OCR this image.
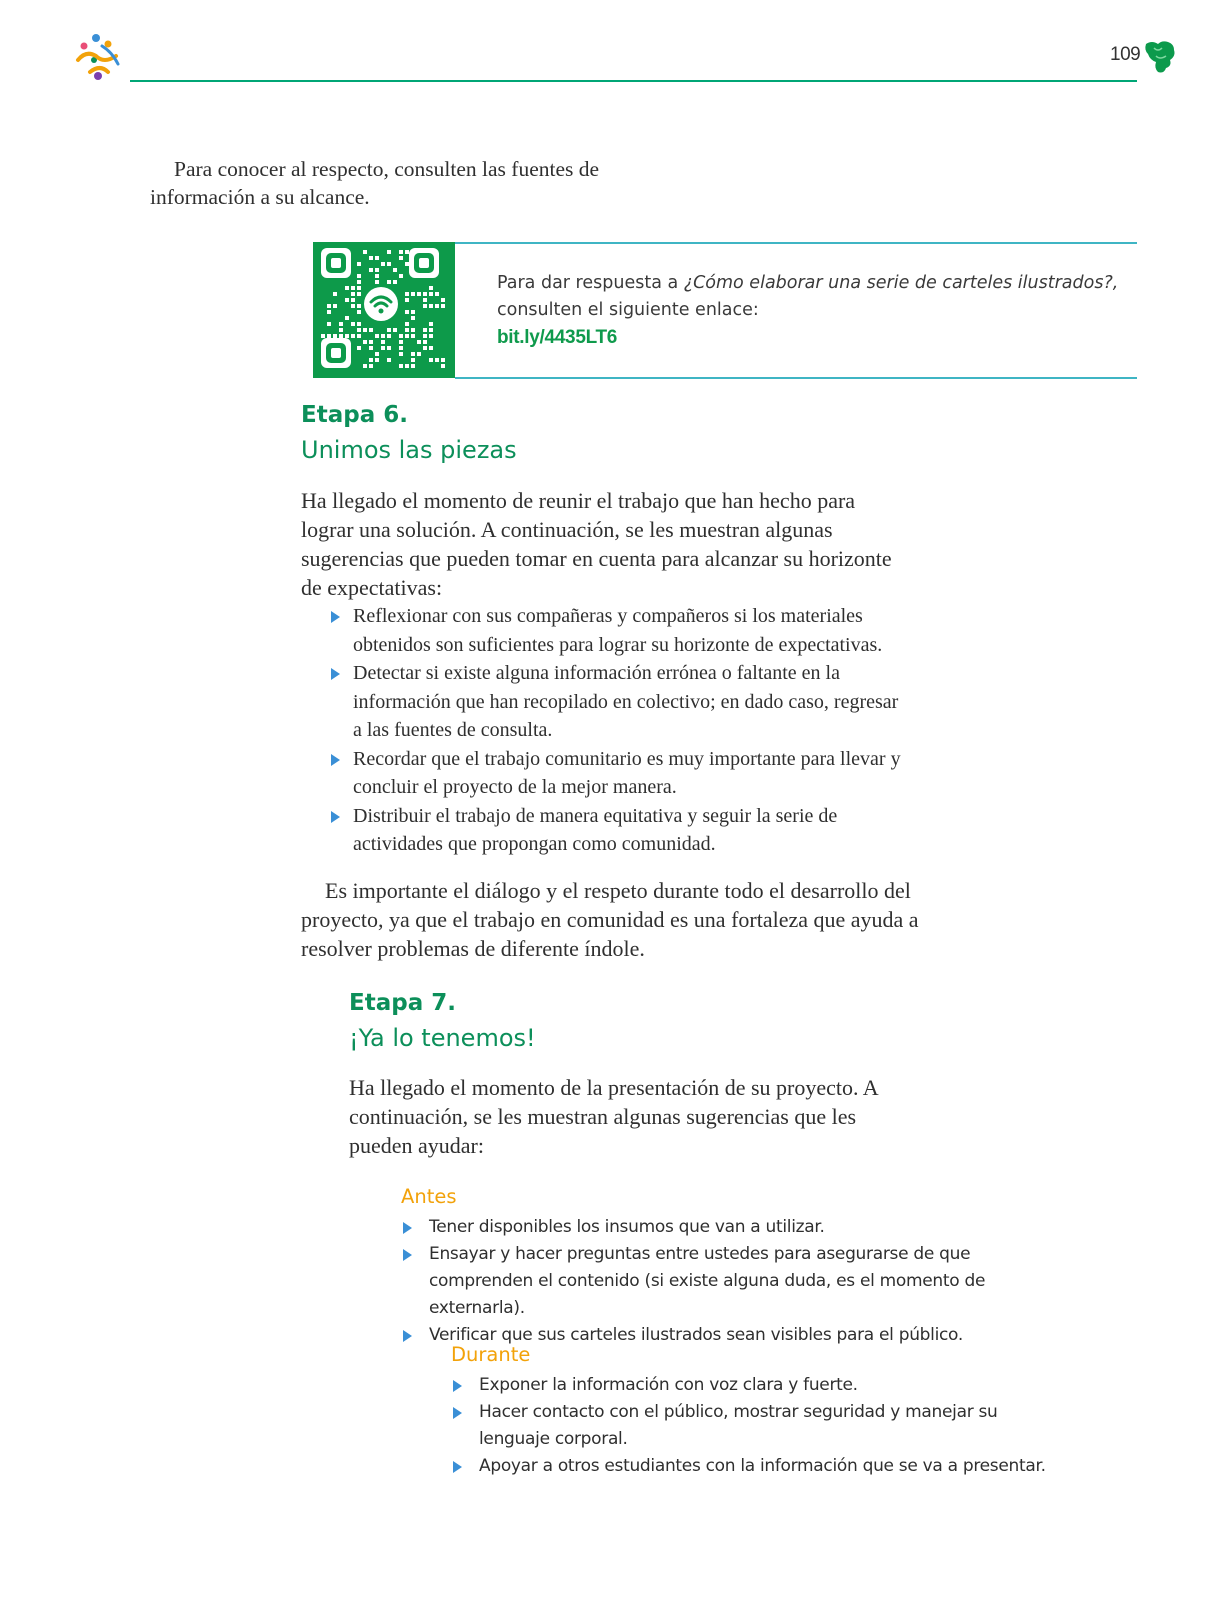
109

Para conocer al respecto, consulten las fuentes de información a su alcance.

Para dar respuesta a ¿Cómo elaborar una serie de carteles ilustrados?, consulten el siguiente enlace:
bit.ly/4435LT6
Etapa 6.
Unimos las piezas

Ha llegado el momento de reunir el trabajo que han hecho para lograr una solución. A continuación, se les muestran algunas sugerencias que pueden tomar en cuenta para alcanzar su horizonte de expectativas:

Reflexionar con sus compañeras y compañeros si los materiales obtenidos son suficientes para lograr su horizonte de expectativas.
Detectar si existe alguna información errónea o faltante en la información que han recopilado en colectivo; en dado caso, regresar a las fuentes de consulta.
Recordar que el trabajo comunitario es muy importante para llevar y concluir el proyecto de la mejor manera.
Distribuir el trabajo de manera equitativa y seguir la serie de actividades que propongan como comunidad.

Es importante el diálogo y el respeto durante todo el desarrollo del proyecto, ya que el trabajo en comunidad es una fortaleza que ayuda a resolver problemas de diferente índole.

Etapa 7.
¡Ya lo tenemos!

Ha llegado el momento de la presentación de su proyecto. A continuación, se les muestran algunas sugerencias que les pueden ayudar:

Antes
Tener disponibles los insumos que van a utilizar.
Ensayar y hacer preguntas entre ustedes para asegurarse de que comprenden el contenido (si existe alguna duda, es el momento de externarla).
Verificar que sus carteles ilustrados sean visibles para el público.
Durante
Exponer la información con voz clara y fuerte.
Hacer contacto con el público, mostrar seguridad y manejar su lenguaje corporal.
Apoyar a otros estudiantes con la información que se va a presentar.
